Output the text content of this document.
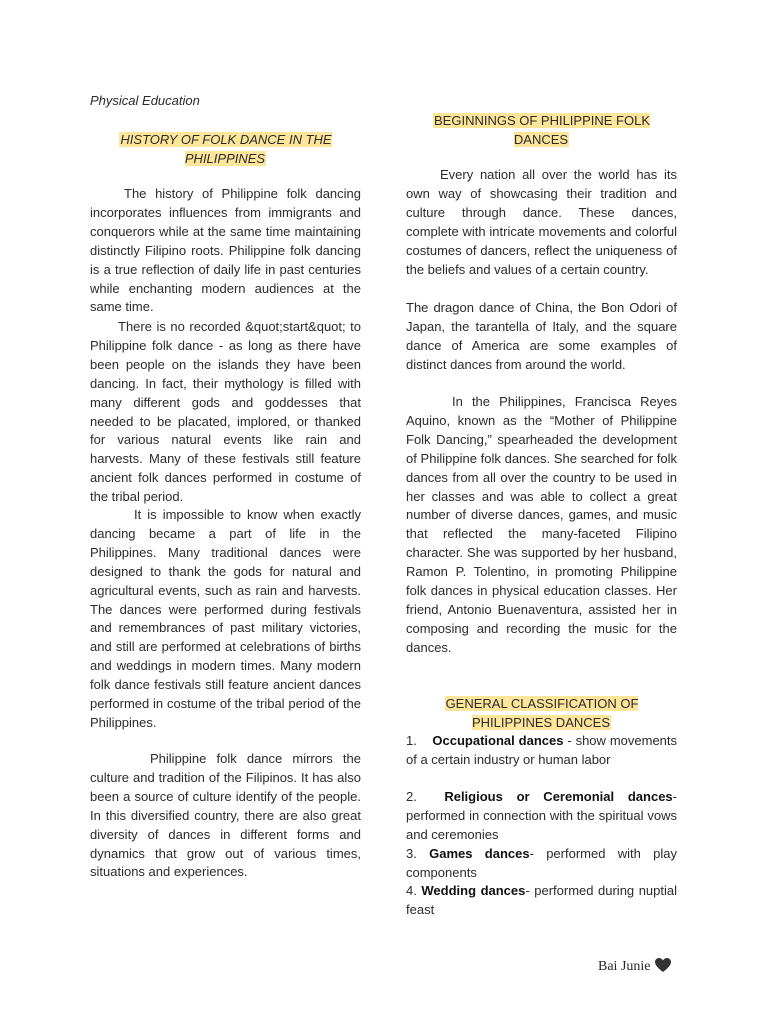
Physical Education
HISTORY OF FOLK DANCE IN THE PHILIPPINES

The history of Philippine folk dancing incorporates influences from immigrants and conquerors while at the same time maintaining distinctly Filipino roots. Philippine folk dancing is a true reflection of daily life in past centuries while enchanting modern audiences at the same time.

There is no recorded &quot;start&quot; to Philippine folk dance - as long as there have been people on the islands they have been dancing. In fact, their mythology is filled with many different gods and goddesses that needed to be placated, implored, or thanked for various natural events like rain and harvests. Many of these festivals still feature ancient folk dances performed in costume of the tribal period.

It is impossible to know when exactly dancing became a part of life in the Philippines. Many traditional dances were designed to thank the gods for natural and agricultural events, such as rain and harvests. The dances were performed during festivals and remembrances of past military victories, and still are performed at celebrations of births and weddings in modern times. Many modern folk dance festivals still feature ancient dances performed in costume of the tribal period of the Philippines.

Philippine folk dance mirrors the culture and tradition of the Filipinos. It has also been a source of culture identify of the people. In this diversified country, there are also great diversity of dances in different forms and dynamics that grow out of various times, situations and experiences.

BEGINNINGS OF PHILIPPINE FOLK DANCES

Every nation all over the world has its own way of showcasing their tradition and culture through dance. These dances, complete with intricate movements and colorful costumes of dancers, reflect the uniqueness of the beliefs and values of a certain country.

The dragon dance of China, the Bon Odori of Japan, the tarantella of Italy, and the square dance of America are some examples of distinct dances from around the world.

In the Philippines, Francisca Reyes Aquino, known as the “Mother of Philippine Folk Dancing,” spearheaded the development of Philippine folk dances. She searched for folk dances from all over the country to be used in her classes and was able to collect a great number of diverse dances, games, and music that reflected the many-faceted Filipino character. She was supported by her husband, Ramon P. Tolentino, in promoting Philippine folk dances in physical education classes. Her friend, Antonio Buenaventura, assisted her in composing and recording the music for the dances.

GENERAL CLASSIFICATION OF PHILIPPINES DANCES

1. Occupational dances - show movements of a certain industry or human labor

2. Religious or Ceremonial dances- performed in connection with the spiritual vows and ceremonies

3. Games dances- performed with play components

4. Wedding dances- performed during nuptial feast

Bai Junie
